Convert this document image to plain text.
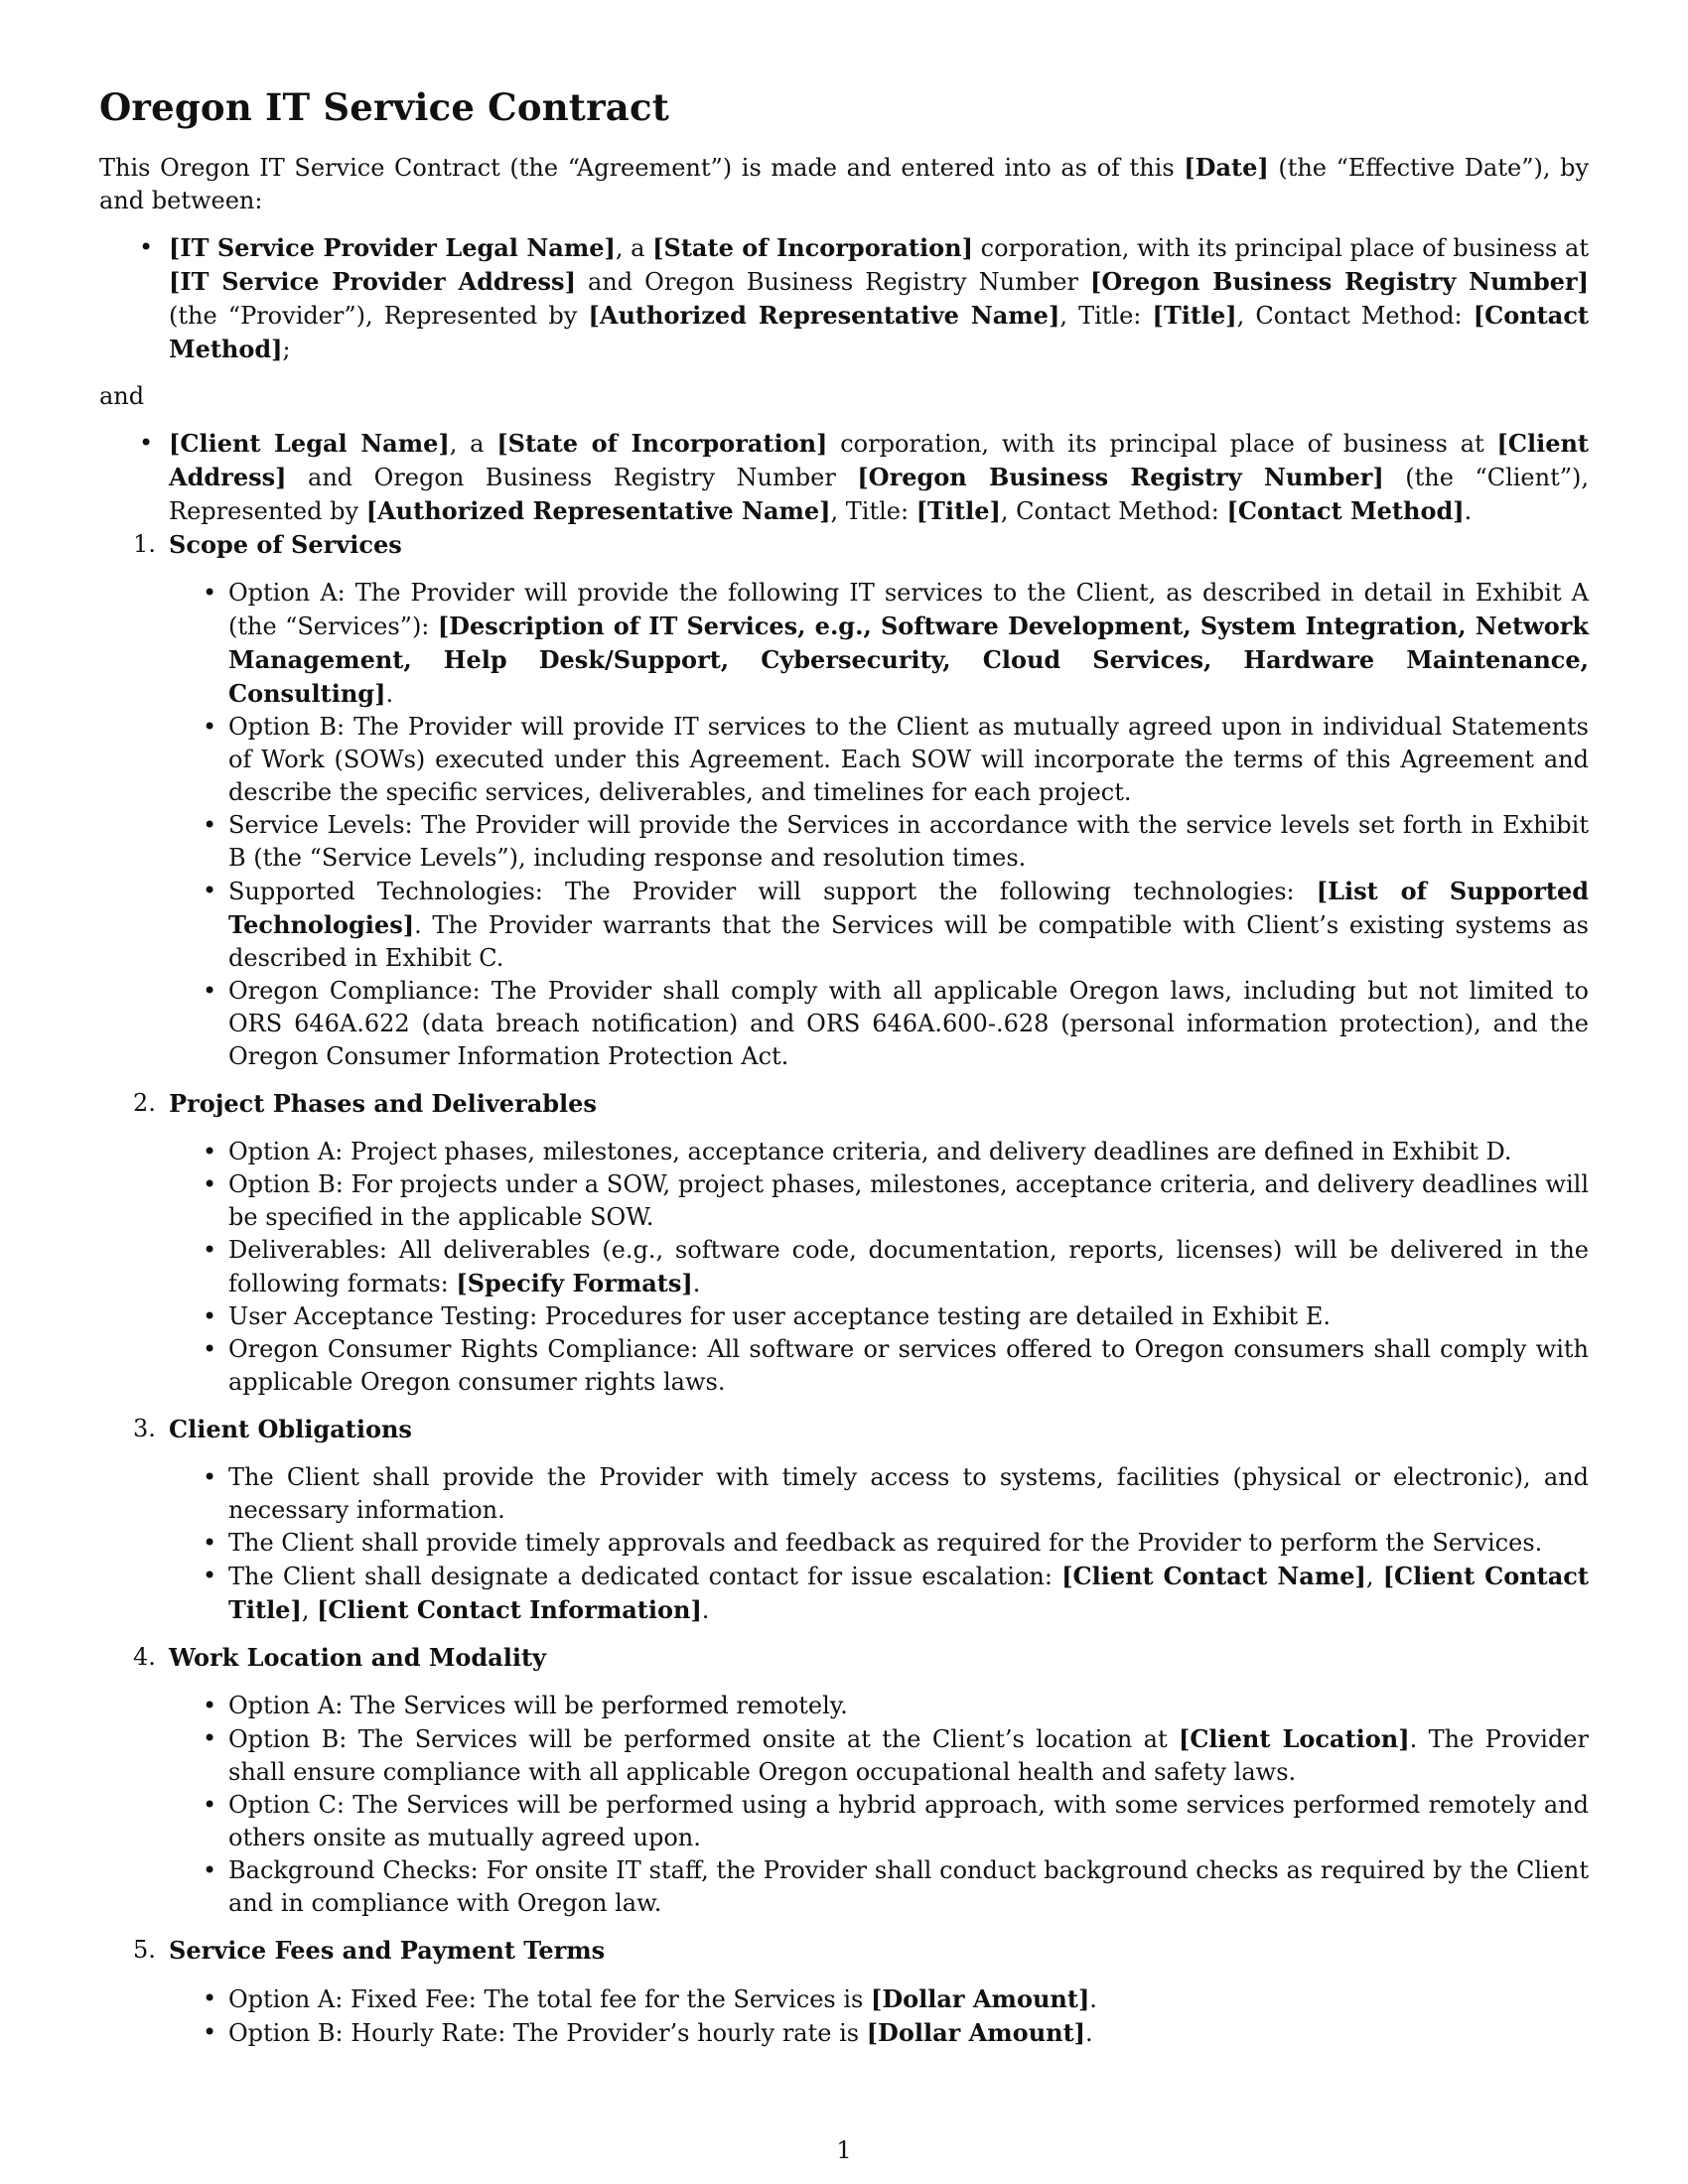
Oregon IT Service Contract

This Oregon IT Service Contract (the “Agreement”) is made and entered into as of this [Date] (the “Effective Date”), by and between:

• [IT Service Provider Legal Name], a [State of Incorporation] corporation, with its principal place of business at [IT Service Provider Address] and Oregon Business Registry Number [Oregon Business Registry Number] (the “Provider”), Represented by [Authorized Representative Name], Title: [Title], Contact Method: [Contact Method];
and
• [Client Legal Name], a [State of Incorporation] corporation, with its principal place of business at [Client Address] and Oregon Business Registry Number [Oregon Business Registry Number] (the “Client”), Represented by [Authorized Representative Name], Title: [Title], Contact Method: [Contact Method].
1. Scope of Services
• Option A: The Provider will provide the following IT services to the Client, as described in detail in Exhibit A (the “Services”): [Description of IT Services, e.g., Software Development, System Integration, Network Management, Help Desk/Support, Cybersecurity, Cloud Services, Hardware Maintenance, Consulting].
• Option B: The Provider will provide IT services to the Client as mutually agreed upon in individual Statements of Work (SOWs) executed under this Agreement. Each SOW will incorporate the terms of this Agreement and describe the specific services, deliverables, and timelines for each project.
• Service Levels: The Provider will provide the Services in accordance with the service levels set forth in Exhibit B (the “Service Levels”), including response and resolution times.
• Supported Technologies: The Provider will support the following technologies: [List of Supported Technologies]. The Provider warrants that the Services will be compatible with Client’s existing systems as described in Exhibit C.
• Oregon Compliance: The Provider shall comply with all applicable Oregon laws, including but not limited to ORS 646A.622 (data breach notification) and ORS 646A.600-.628 (personal information protection), and the Oregon Consumer Information Protection Act.
2. Project Phases and Deliverables
• Option A: Project phases, milestones, acceptance criteria, and delivery deadlines are defined in Exhibit D.
• Option B: For projects under a SOW, project phases, milestones, acceptance criteria, and delivery deadlines will be specified in the applicable SOW.
• Deliverables: All deliverables (e.g., software code, documentation, reports, licenses) will be delivered in the following formats: [Specify Formats].
• User Acceptance Testing: Procedures for user acceptance testing are detailed in Exhibit E.
• Oregon Consumer Rights Compliance: All software or services offered to Oregon consumers shall comply with applicable Oregon consumer rights laws.
3. Client Obligations
• The Client shall provide the Provider with timely access to systems, facilities (physical or electronic), and necessary information.
• The Client shall provide timely approvals and feedback as required for the Provider to perform the Services.
• The Client shall designate a dedicated contact for issue escalation: [Client Contact Name], [Client Contact Title], [Client Contact Information].
4. Work Location and Modality
• Option A: The Services will be performed remotely.
• Option B: The Services will be performed onsite at the Client’s location at [Client Location]. The Provider shall ensure compliance with all applicable Oregon occupational health and safety laws.
• Option C: The Services will be performed using a hybrid approach, with some services performed remotely and others onsite as mutually agreed upon.
• Background Checks: For onsite IT staff, the Provider shall conduct background checks as required by the Client and in compliance with Oregon law.
5. Service Fees and Payment Terms
• Option A: Fixed Fee: The total fee for the Services is [Dollar Amount].
• Option B: Hourly Rate: The Provider’s hourly rate is [Dollar Amount].
1
